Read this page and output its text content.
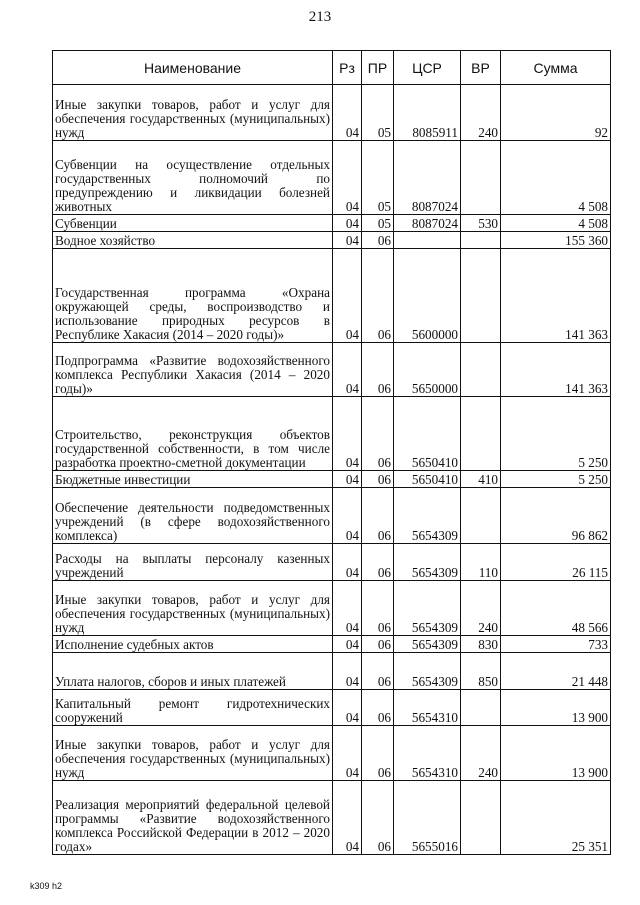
213
Наименование	Рз	ПР	ЦСР	ВР	Сумма
Иные закупки товаров, работ и услуг для обеспечения государственных (муниципальных) нужд	04	05	8085911	240	92
Субвенции на осуществление отдельных государственных полномочий по предупреждению и ликвидации болезней животных	04	05	8087024		4 508
Субвенции	04	05	8087024	530	4 508
Водное хозяйство	04	06			155 360
Государственная программа «Охрана окружающей среды, воспроизводство и использование природных ресурсов в Республике Хакасия (2014 – 2020 годы)»	04	06	5600000		141 363
Подпрограмма «Развитие водохозяйственного комплекса Республики Хакасия (2014 – 2020 годы)»	04	06	5650000		141 363
Строительство, реконструкция объектов государственной собственности, в том числе разработка проектно-сметной документации	04	06	5650410		5 250
Бюджетные инвестиции	04	06	5650410	410	5 250
Обеспечение деятельности подведомственных учреждений (в сфере водохозяйственного комплекса)	04	06	5654309		96 862
Расходы на выплаты персоналу казенных учреждений	04	06	5654309	110	26 115
Иные закупки товаров, работ и услуг для обеспечения государственных (муниципальных) нужд	04	06	5654309	240	48 566
Исполнение судебных актов	04	06	5654309	830	733
Уплата налогов, сборов и иных платежей	04	06	5654309	850	21 448
Капитальный ремонт гидротехнических сооружений	04	06	5654310		13 900
Иные закупки товаров, работ и услуг для обеспечения государственных (муниципальных) нужд	04	06	5654310	240	13 900
Реализация мероприятий федеральной целевой программы «Развитие водохозяйственного комплекса Российской Федерации в 2012 – 2020 годах»	04	06	5655016		25 351
k309 h2
